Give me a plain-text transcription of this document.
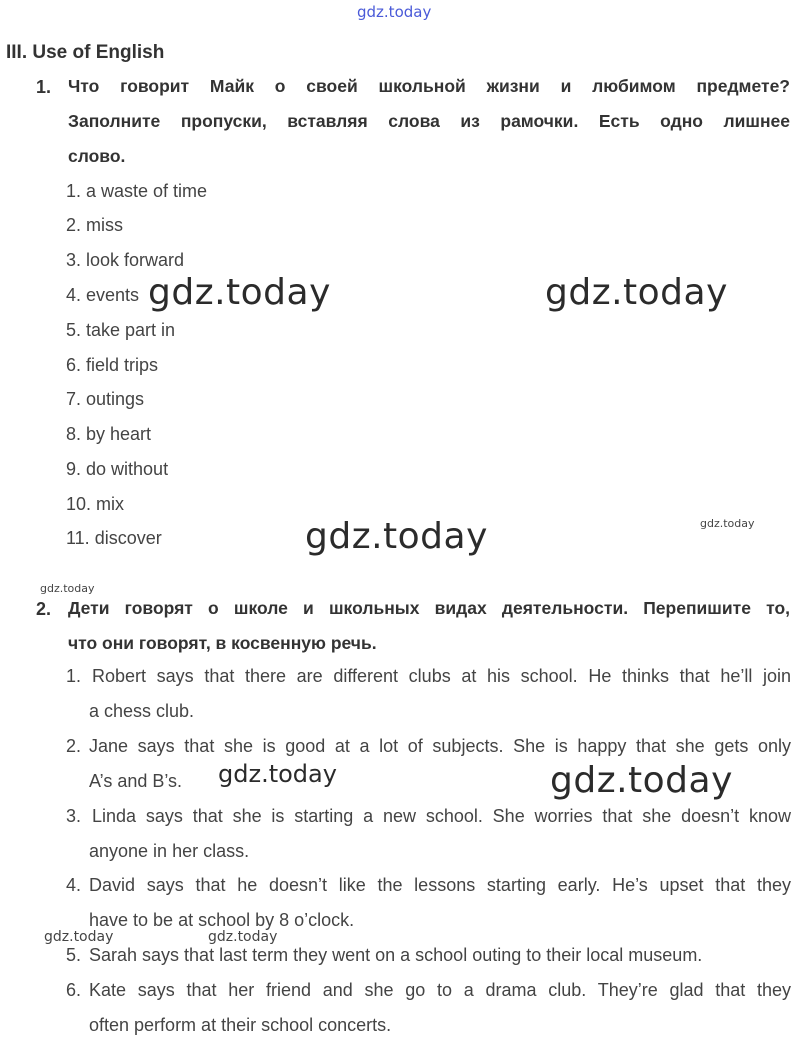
gdz.today
gdz.today	gdz.today
gdz.today
gdz.today
gdz.today
gdz.today	gdz.today
gdz.today	gdz.today
III. Use of English
1. Что говорит Майк о своей школьной жизни и любимом предмете?
Заполните пропуски, вставляя слова из рамочки. Есть одно лишнее
слово.
1. a waste of time
2. miss
3. look forward
4. events
5. take part in
6. field trips
7. outings
8. by heart
9. do without
10. mix
11. discover
2. Дети говорят о школе и школьных видах деятельности. Перепишите то,
что они говорят, в косвенную речь.
1. Robert says that there are different clubs at his school. He thinks that he’ll join
a chess club.
2. Jane says that she is good at a lot of subjects. She is happy that she gets only
A’s and B’s.
3. Linda says that she is starting a new school. She worries that she doesn’t know
anyone in her class.
4. David says that he doesn’t like the lessons starting early. He’s upset that they
have to be at school by 8 o’clock.
5. Sarah says that last term they went on a school outing to their local museum.
6. Kate says that her friend and she go to a drama club. They’re glad that they
often perform at their school concerts.
